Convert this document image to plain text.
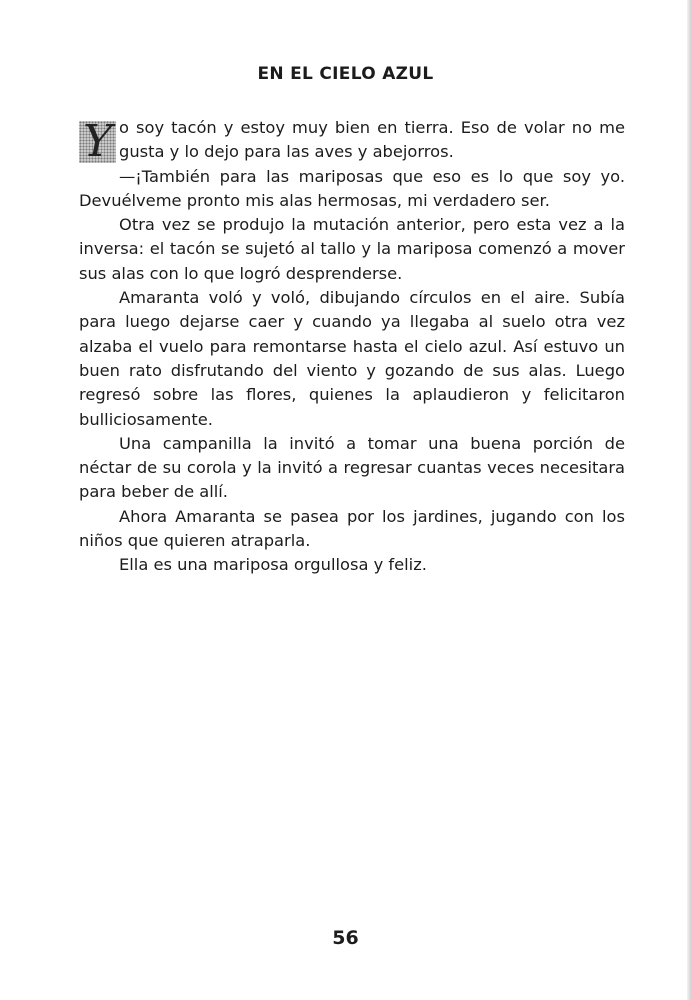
EN EL CIELO AZUL

Y o soy tacón y estoy muy bien en tierra. Eso de volar no me gusta y lo dejo para las aves y abejorros.

—¡También para las mariposas que eso es lo que soy yo. Devuélveme pronto mis alas hermosas, mi verdadero ser.

Otra vez se produjo la mutación anterior, pero esta vez a la inversa: el tacón se sujetó al tallo y la mariposa comenzó a mover sus alas con lo que logró desprenderse.

Amaranta voló y voló, dibujando círculos en el aire. Subía para luego dejarse caer y cuando ya llegaba al suelo otra vez alzaba el vuelo para remontarse hasta el cielo azul. Así estuvo un buen rato disfrutando del viento y gozando de sus alas. Luego regresó sobre las flores, quienes la aplaudieron y felicitaron bulliciosamente.

Una campanilla la invitó a tomar una buena porción de néctar de su corola y la invitó a regresar cuantas veces necesitara para beber de allí.

Ahora Amaranta se pasea por los jardines, jugando con los niños que quieren atraparla.

Ella es una mariposa orgullosa y feliz.

56
